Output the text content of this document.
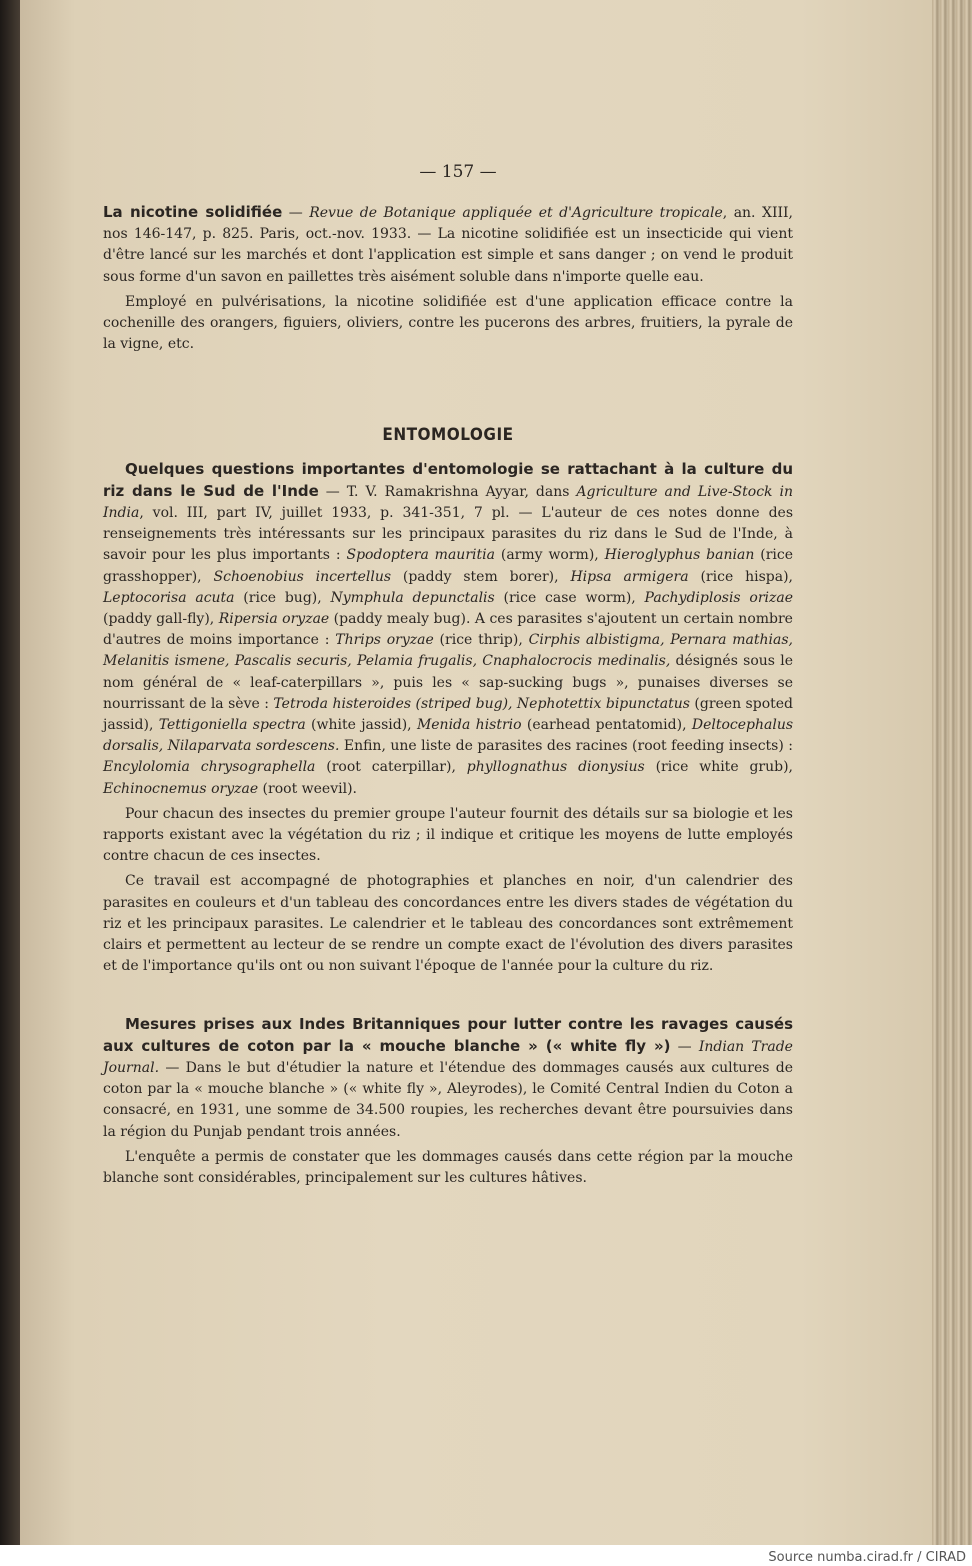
— 157 —

La nicotine solidifiée — Revue de Botanique appliquée et d'Agriculture tropicale, an. XIII, nos 146-147, p. 825. Paris, oct.-nov. 1933. — La nicotine solidifiée est un insecticide qui vient d'être lancé sur les marchés et dont l'application est simple et sans danger ; on vend le produit sous forme d'un savon en paillettes très aisément soluble dans n'importe quelle eau.

Employé en pulvérisations, la nicotine solidifiée est d'une application efficace contre la cochenille des orangers, figuiers, oliviers, contre les pucerons des arbres, fruitiers, la pyrale de la vigne, etc.

ENTOMOLOGIE

Quelques questions importantes d'entomologie se rattachant à la culture du riz dans le Sud de l'Inde — T. V. Ramakrishna Ayyar, dans Agriculture and Live-Stock in India, vol. III, part IV, juillet 1933, p. 341-351, 7 pl. — L'auteur de ces notes donne des renseignements très intéressants sur les principaux parasites du riz dans le Sud de l'Inde, à savoir pour les plus importants : Spodoptera mauritia (army worm), Hieroglyphus banian (rice grasshopper), Schoenobius incertellus (paddy stem borer), Hipsa armigera (rice hispa), Leptocorisa acuta (rice bug), Nymphula depunctalis (rice case worm), Pachydiplosis orizae (paddy gall-fly), Ripersia oryzae (paddy mealy bug). A ces parasites s'ajoutent un certain nombre d'autres de moins importance : Thrips oryzae (rice thrip), Cirphis albistigma, Pernara mathias, Melanitis ismene, Pascalis securis, Pelamia frugalis, Cnaphalocrocis medinalis, désignés sous le nom général de « leaf-caterpillars », puis les « sap-sucking bugs », punaises diverses se nourrissant de la sève : Tetroda histeroides (striped bug), Nephotettix bipunctatus (green spoted jassid), Tettigoniella spectra (white jassid), Menida histrio (earhead pentatomid), Deltocephalus dorsalis, Nilaparvata sordescens. Enfin, une liste de parasites des racines (root feeding insects) : Encylolomia chrysographella (root caterpillar), phyllognathus dionysius (rice white grub), Echinocnemus oryzae (root weevil).

Pour chacun des insectes du premier groupe l'auteur fournit des détails sur sa biologie et les rapports existant avec la végétation du riz ; il indique et critique les moyens de lutte employés contre chacun de ces insectes.

Ce travail est accompagné de photographies et planches en noir, d'un calendrier des parasites en couleurs et d'un tableau des concordances entre les divers stades de végétation du riz et les principaux parasites. Le calendrier et le tableau des concordances sont extrêmement clairs et permettent au lecteur de se rendre un compte exact de l'évolution des divers parasites et de l'importance qu'ils ont ou non suivant l'époque de l'année pour la culture du riz.

Mesures prises aux Indes Britanniques pour lutter contre les ravages causés aux cultures de coton par la « mouche blanche » (« white fly ») — Indian Trade Journal. — Dans le but d'étudier la nature et l'étendue des dommages causés aux cultures de coton par la « mouche blanche » (« white fly », Aleyrodes), le Comité Central Indien du Coton a consacré, en 1931, une somme de 34.500 roupies, les recherches devant être poursuivies dans la région du Punjab pendant trois années.

L'enquête a permis de constater que les dommages causés dans cette région par la mouche blanche sont considérables, principalement sur les cultures hâtives.

Source numba.cirad.fr / CIRAD
